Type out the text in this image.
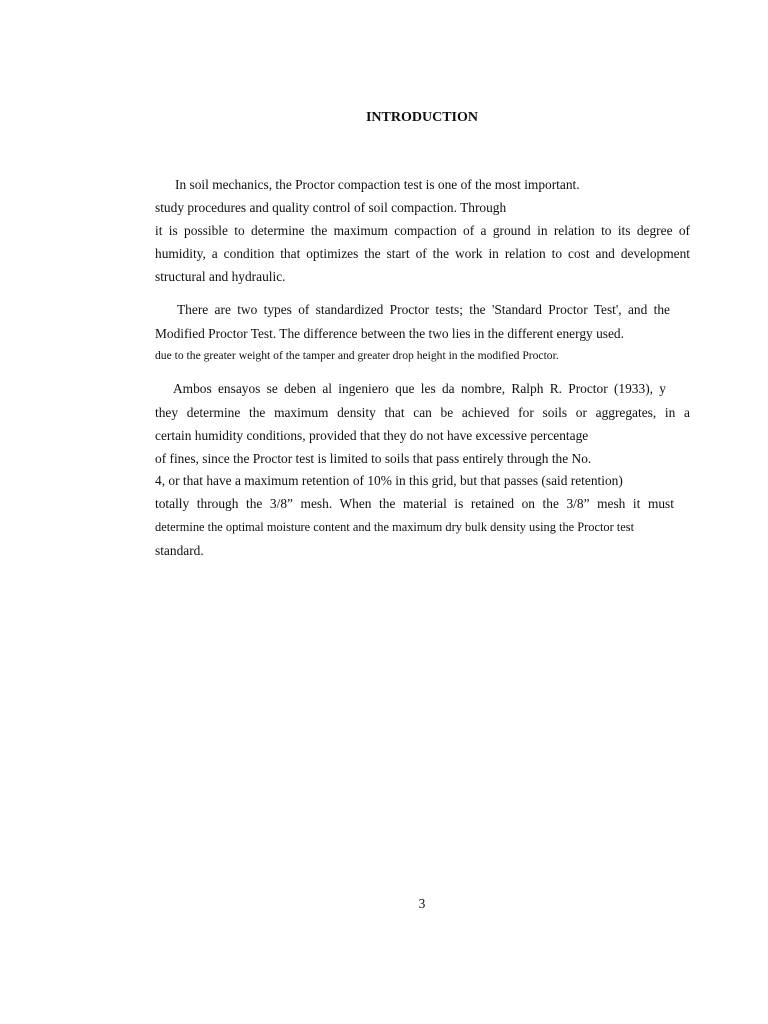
INTRODUCTION
In soil mechanics, the Proctor compaction test is one of the most important.
study procedures and quality control of soil compaction. Through
it is possible to determine the maximum compaction of a ground in relation to its degree of
humidity, a condition that optimizes the start of the work in relation to cost and development
structural and hydraulic.
There are two types of standardized Proctor tests; the 'Standard Proctor Test', and the
Modified Proctor Test. The difference between the two lies in the different energy used.
due to the greater weight of the tamper and greater drop height in the modified Proctor.
Ambos ensayos se deben al ingeniero que les da nombre, Ralph R. Proctor (1933), y
they determine the maximum density that can be achieved for soils or aggregates, in a
certain humidity conditions, provided that they do not have excessive percentage
of fines, since the Proctor test is limited to soils that pass entirely through the No.
4, or that have a maximum retention of 10% in this grid, but that passes (said retention)
totally through the 3/8” mesh. When the material is retained on the 3/8” mesh it must
determine the optimal moisture content and the maximum dry bulk density using the Proctor test
standard.
3
